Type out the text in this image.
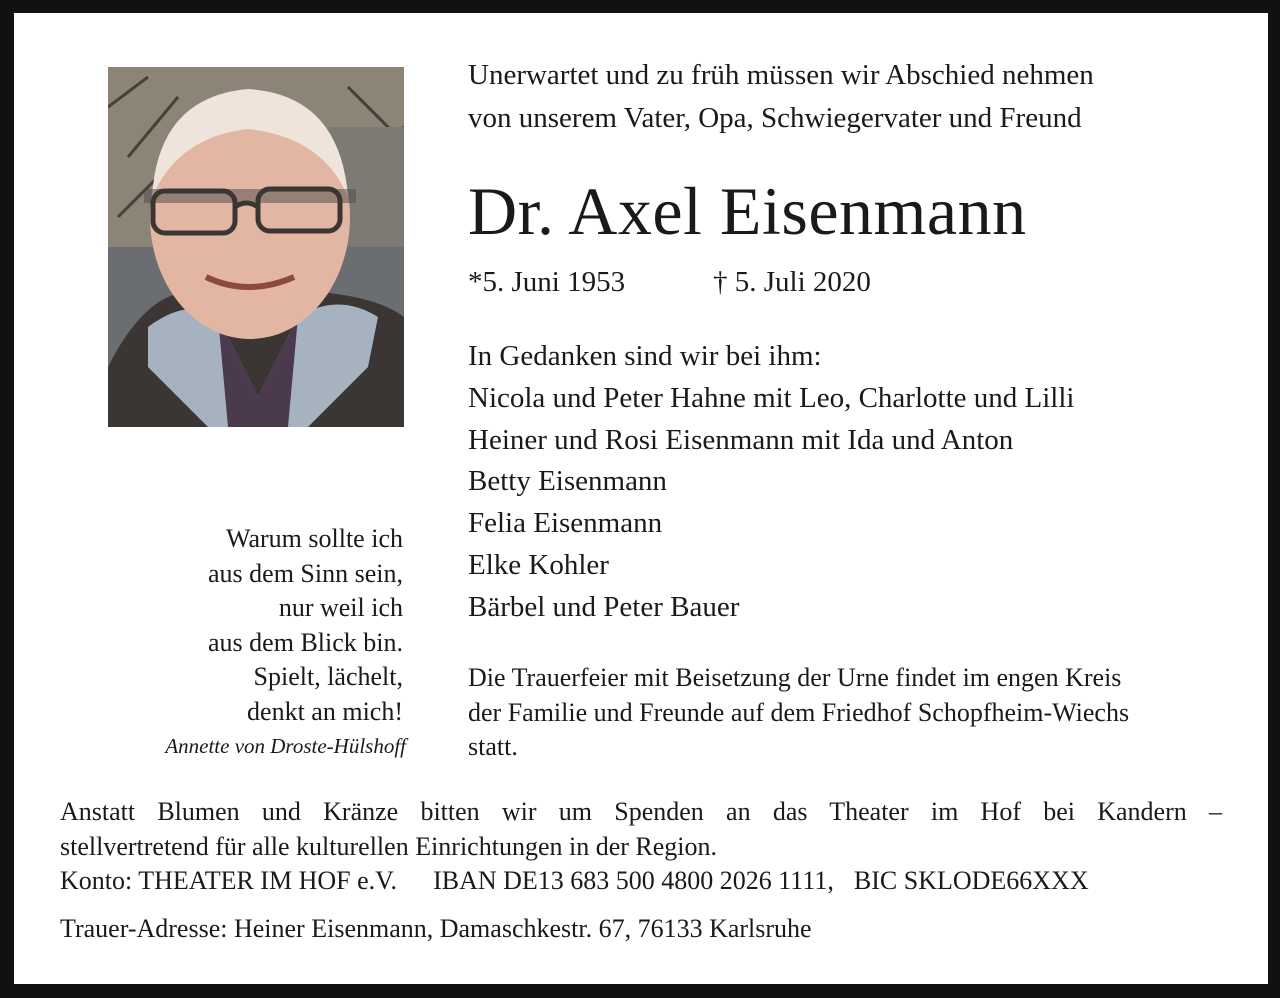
Unerwartet und zu früh müssen wir Abschied nehmen
von unserem Vater, Opa, Schwiegervater und Freund
Dr. Axel Eisenmann
*5. Juni 1953	† 5. Juli 2020
In Gedanken sind wir bei ihm:
Nicola und Peter Hahne mit Leo, Charlotte und Lilli
Heiner und Rosi Eisenmann mit Ida und Anton
Betty Eisenmann
Felia Eisenmann
Elke Kohler
Bärbel und Peter Bauer
Warum sollte ich
aus dem Sinn sein,
nur weil ich
aus dem Blick bin.
Spielt, lächelt,
denkt an mich!
Annette von Droste-Hülshoff
Die Trauerfeier mit Beisetzung der Urne findet im engen Kreis
der Familie und Freunde auf dem Friedhof Schopfheim-Wiechs
statt.
Anstatt Blumen und Kränze bitten wir um Spenden an das Theater im Hof bei Kandern –
stellvertretend für alle kulturellen Einrichtungen in der Region.
Konto: THEATER IM HOF e.V. IBAN DE13 683 500 4800 2026 1111, BIC SKLODE66XXX
Trauer-Adresse: Heiner Eisenmann, Damaschkestr. 67, 76133 Karlsruhe
